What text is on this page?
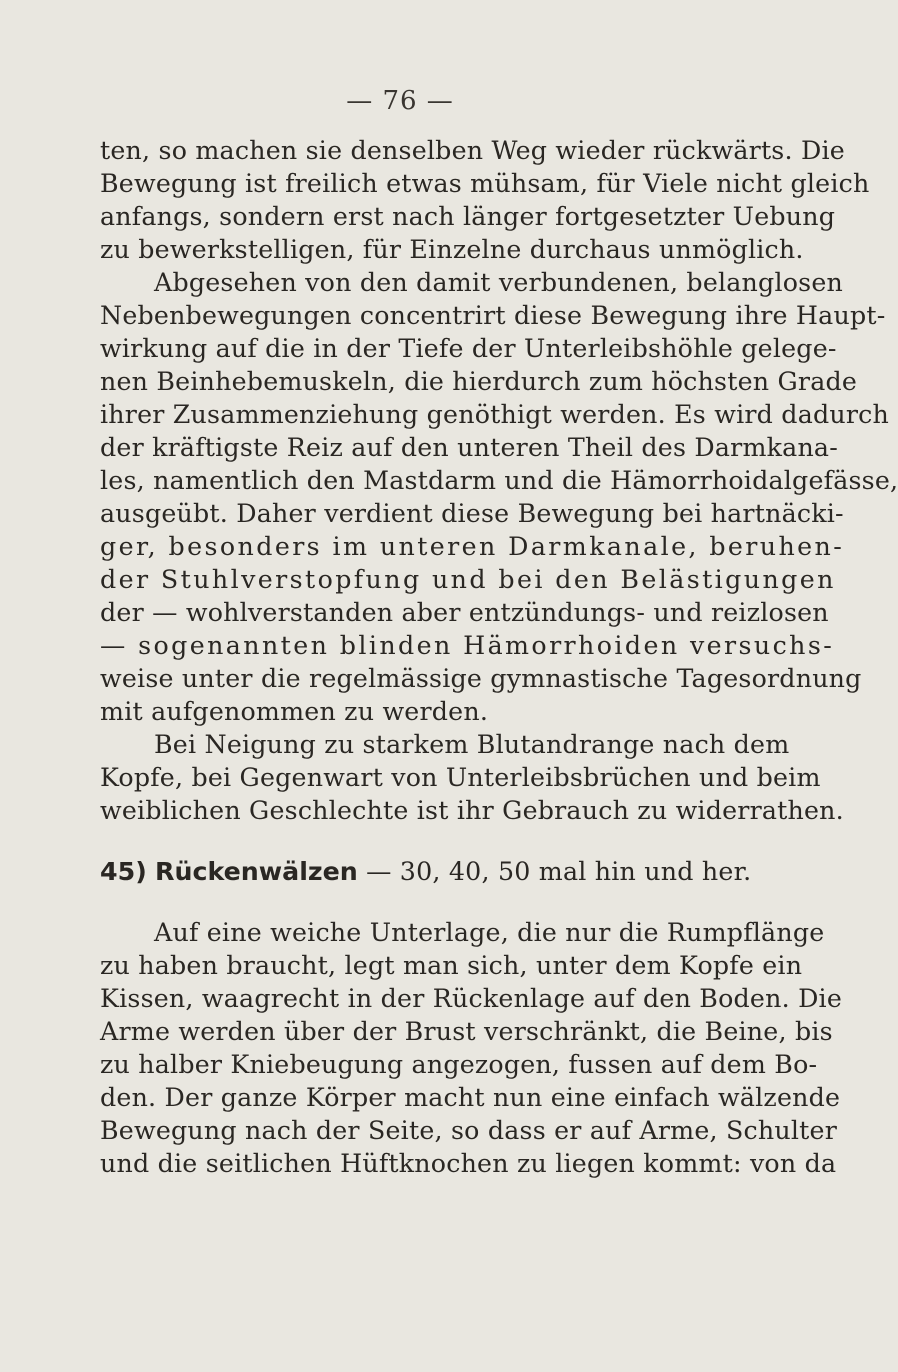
— 76 —
ten, so machen sie denselben Weg wieder rückwärts. Die
Bewegung ist freilich etwas mühsam, für Viele nicht gleich
anfangs, sondern erst nach länger fortgesetzter Uebung
zu bewerkstelligen, für Einzelne durchaus unmöglich.
Abgesehen von den damit verbundenen, belanglosen
Nebenbewegungen concentrirt diese Bewegung ihre Haupt-
wirkung auf die in der Tiefe der Unterleibshöhle gelege-
nen Beinhebemuskeln, die hierdurch zum höchsten Grade
ihrer Zusammenziehung genöthigt werden. Es wird dadurch
der kräftigste Reiz auf den unteren Theil des Darmkana-
les, namentlich den Mastdarm und die Hämorrhoidalgefässe,
ausgeübt. Daher verdient diese Bewegung bei hartnäcki-
ger, besonders im unteren Darmkanale, beruhen-
der Stuhlverstopfung und bei den Belästigungen
der — wohlverstanden aber entzündungs- und reizlosen
— sogenannten blinden Hämorrhoiden versuchs-
weise unter die regelmässige gymnastische Tagesordnung
mit aufgenommen zu werden.
Bei Neigung zu starkem Blutandrange nach dem
Kopfe, bei Gegenwart von Unterleibsbrüchen und beim
weiblichen Geschlechte ist ihr Gebrauch zu widerrathen.
45) Rückenwälzen — 30, 40, 50 mal hin und her.
Auf eine weiche Unterlage, die nur die Rumpflänge
zu haben braucht, legt man sich, unter dem Kopfe ein
Kissen, waagrecht in der Rückenlage auf den Boden. Die
Arme werden über der Brust verschränkt, die Beine, bis
zu halber Kniebeugung angezogen, fussen auf dem Bo-
den. Der ganze Körper macht nun eine einfach wälzende
Bewegung nach der Seite, so dass er auf Arme, Schulter
und die seitlichen Hüftknochen zu liegen kommt: von da
